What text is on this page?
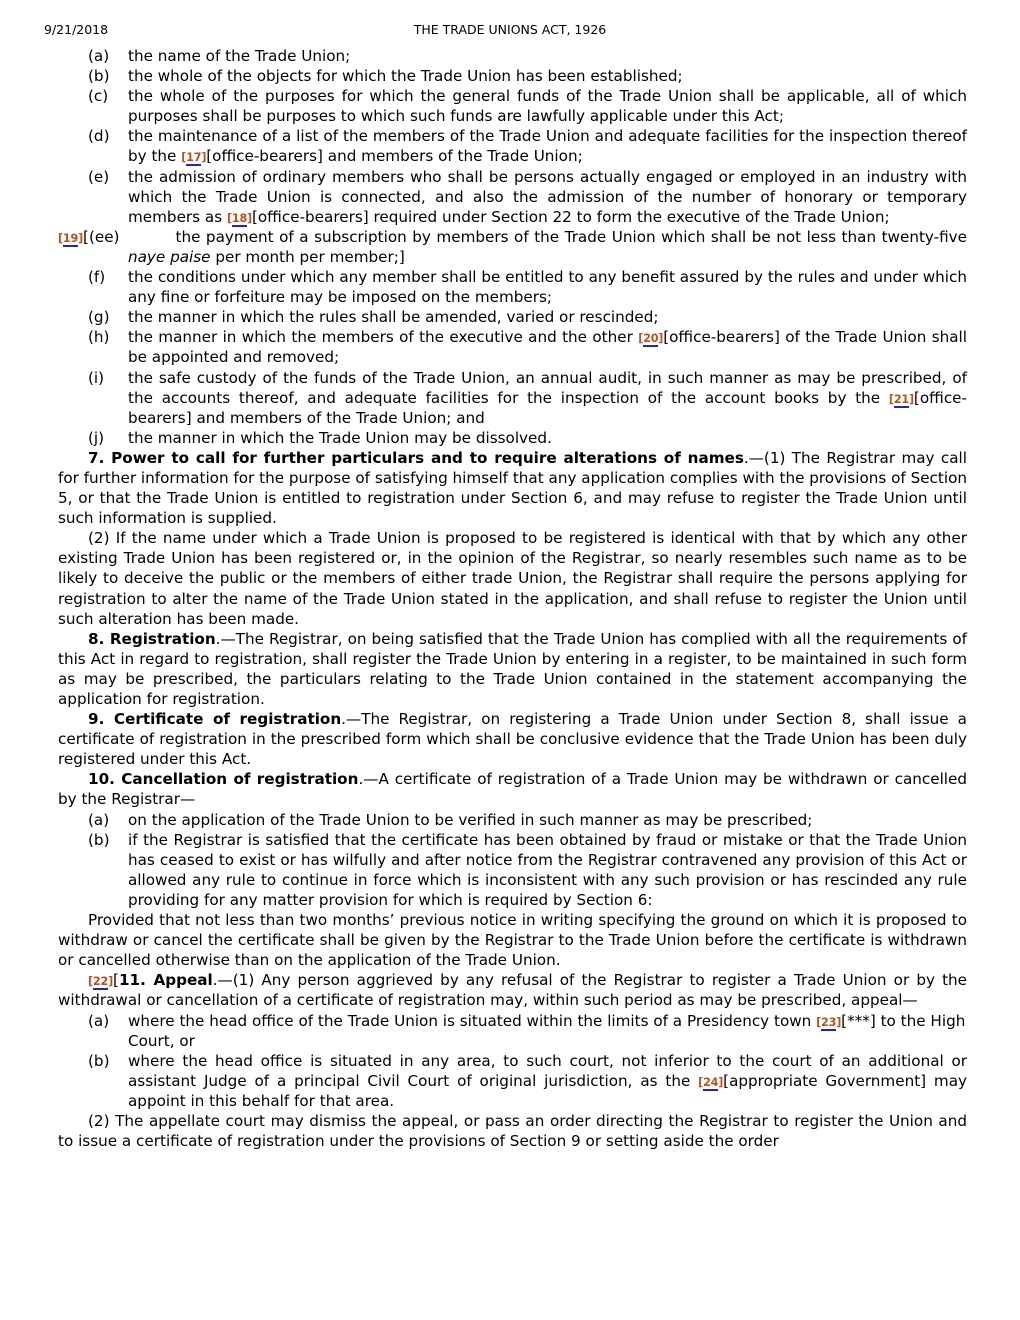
9/21/2018	THE TRADE UNIONS ACT, 1926
(a)	the name of the Trade Union;
(b)	the whole of the objects for which the Trade Union has been established;
(c)	the whole of the purposes for which the general funds of the Trade Union shall be applicable, all of which purposes shall be purposes to which such funds are lawfully applicable under this Act;
(d)	the maintenance of a list of the members of the Trade Union and adequate facilities for the inspection thereof by the [17][office-bearers] and members of the Trade Union;
(e)	the admission of ordinary members who shall be persons actually engaged or employed in an industry with which the Trade Union is connected, and also the admission of the number of honorary or temporary members as [18][office-bearers] required under Section 22 to form the executive of the Trade Union;

[19][(ee)	the payment of a subscription by members of the Trade Union which shall be not less than twenty-five naye paise per month per member;]

(f)	the conditions under which any member shall be entitled to any benefit assured by the rules and under which any fine or forfeiture may be imposed on the members;
(g)	the manner in which the rules shall be amended, varied or rescinded;
(h)	the manner in which the members of the executive and the other [20][office-bearers] of the Trade Union shall be appointed and removed;
(i)	the safe custody of the funds of the Trade Union, an annual audit, in such manner as may be prescribed, of the accounts thereof, and adequate facilities for the inspection of the account books by the [21][office-bearers] and members of the Trade Union; and
(j)	the manner in which the Trade Union may be dissolved.

7. Power to call for further particulars and to require alterations of names.—(1) The Registrar may call for further information for the purpose of satisfying himself that any application complies with the provisions of Section 5, or that the Trade Union is entitled to registration under Section 6, and may refuse to register the Trade Union until such information is supplied.

(2) If the name under which a Trade Union is proposed to be registered is identical with that by which any other existing Trade Union has been registered or, in the opinion of the Registrar, so nearly resembles such name as to be likely to deceive the public or the members of either trade Union, the Registrar shall require the persons applying for registration to alter the name of the Trade Union stated in the application, and shall refuse to register the Union until such alteration has been made.

8. Registration.—The Registrar, on being satisfied that the Trade Union has complied with all the requirements of this Act in regard to registration, shall register the Trade Union by entering in a register, to be maintained in such form as may be prescribed, the particulars relating to the Trade Union contained in the statement accompanying the application for registration.

9. Certificate of registration.—The Registrar, on registering a Trade Union under Section 8, shall issue a certificate of registration in the prescribed form which shall be conclusive evidence that the Trade Union has been duly registered under this Act.

10. Cancellation of registration.—A certificate of registration of a Trade Union may be withdrawn or cancelled by the Registrar—

(a)	on the application of the Trade Union to be verified in such manner as may be prescribed;
(b)	if the Registrar is satisfied that the certificate has been obtained by fraud or mistake or that the Trade Union has ceased to exist or has wilfully and after notice from the Registrar contravened any provision of this Act or allowed any rule to continue in force which is inconsistent with any such provision or has rescinded any rule providing for any matter provision for which is required by Section 6:

Provided that not less than two months’ previous notice in writing specifying the ground on which it is proposed to withdraw or cancel the certificate shall be given by the Registrar to the Trade Union before the certificate is withdrawn or cancelled otherwise than on the application of the Trade Union.

[22][11. Appeal.—(1) Any person aggrieved by any refusal of the Registrar to register a Trade Union or by the withdrawal or cancellation of a certificate of registration may, within such period as may be prescribed, appeal—

(a)	where the head office of the Trade Union is situated within the limits of a Presidency town [23][***] to the High Court, or
(b)	where the head office is situated in any area, to such court, not inferior to the court of an additional or assistant Judge of a principal Civil Court of original jurisdiction, as the [24][appropriate Government] may appoint in this behalf for that area.

(2) The appellate court may dismiss the appeal, or pass an order directing the Registrar to register the Union and to issue a certificate of registration under the provisions of Section 9 or setting aside the order
